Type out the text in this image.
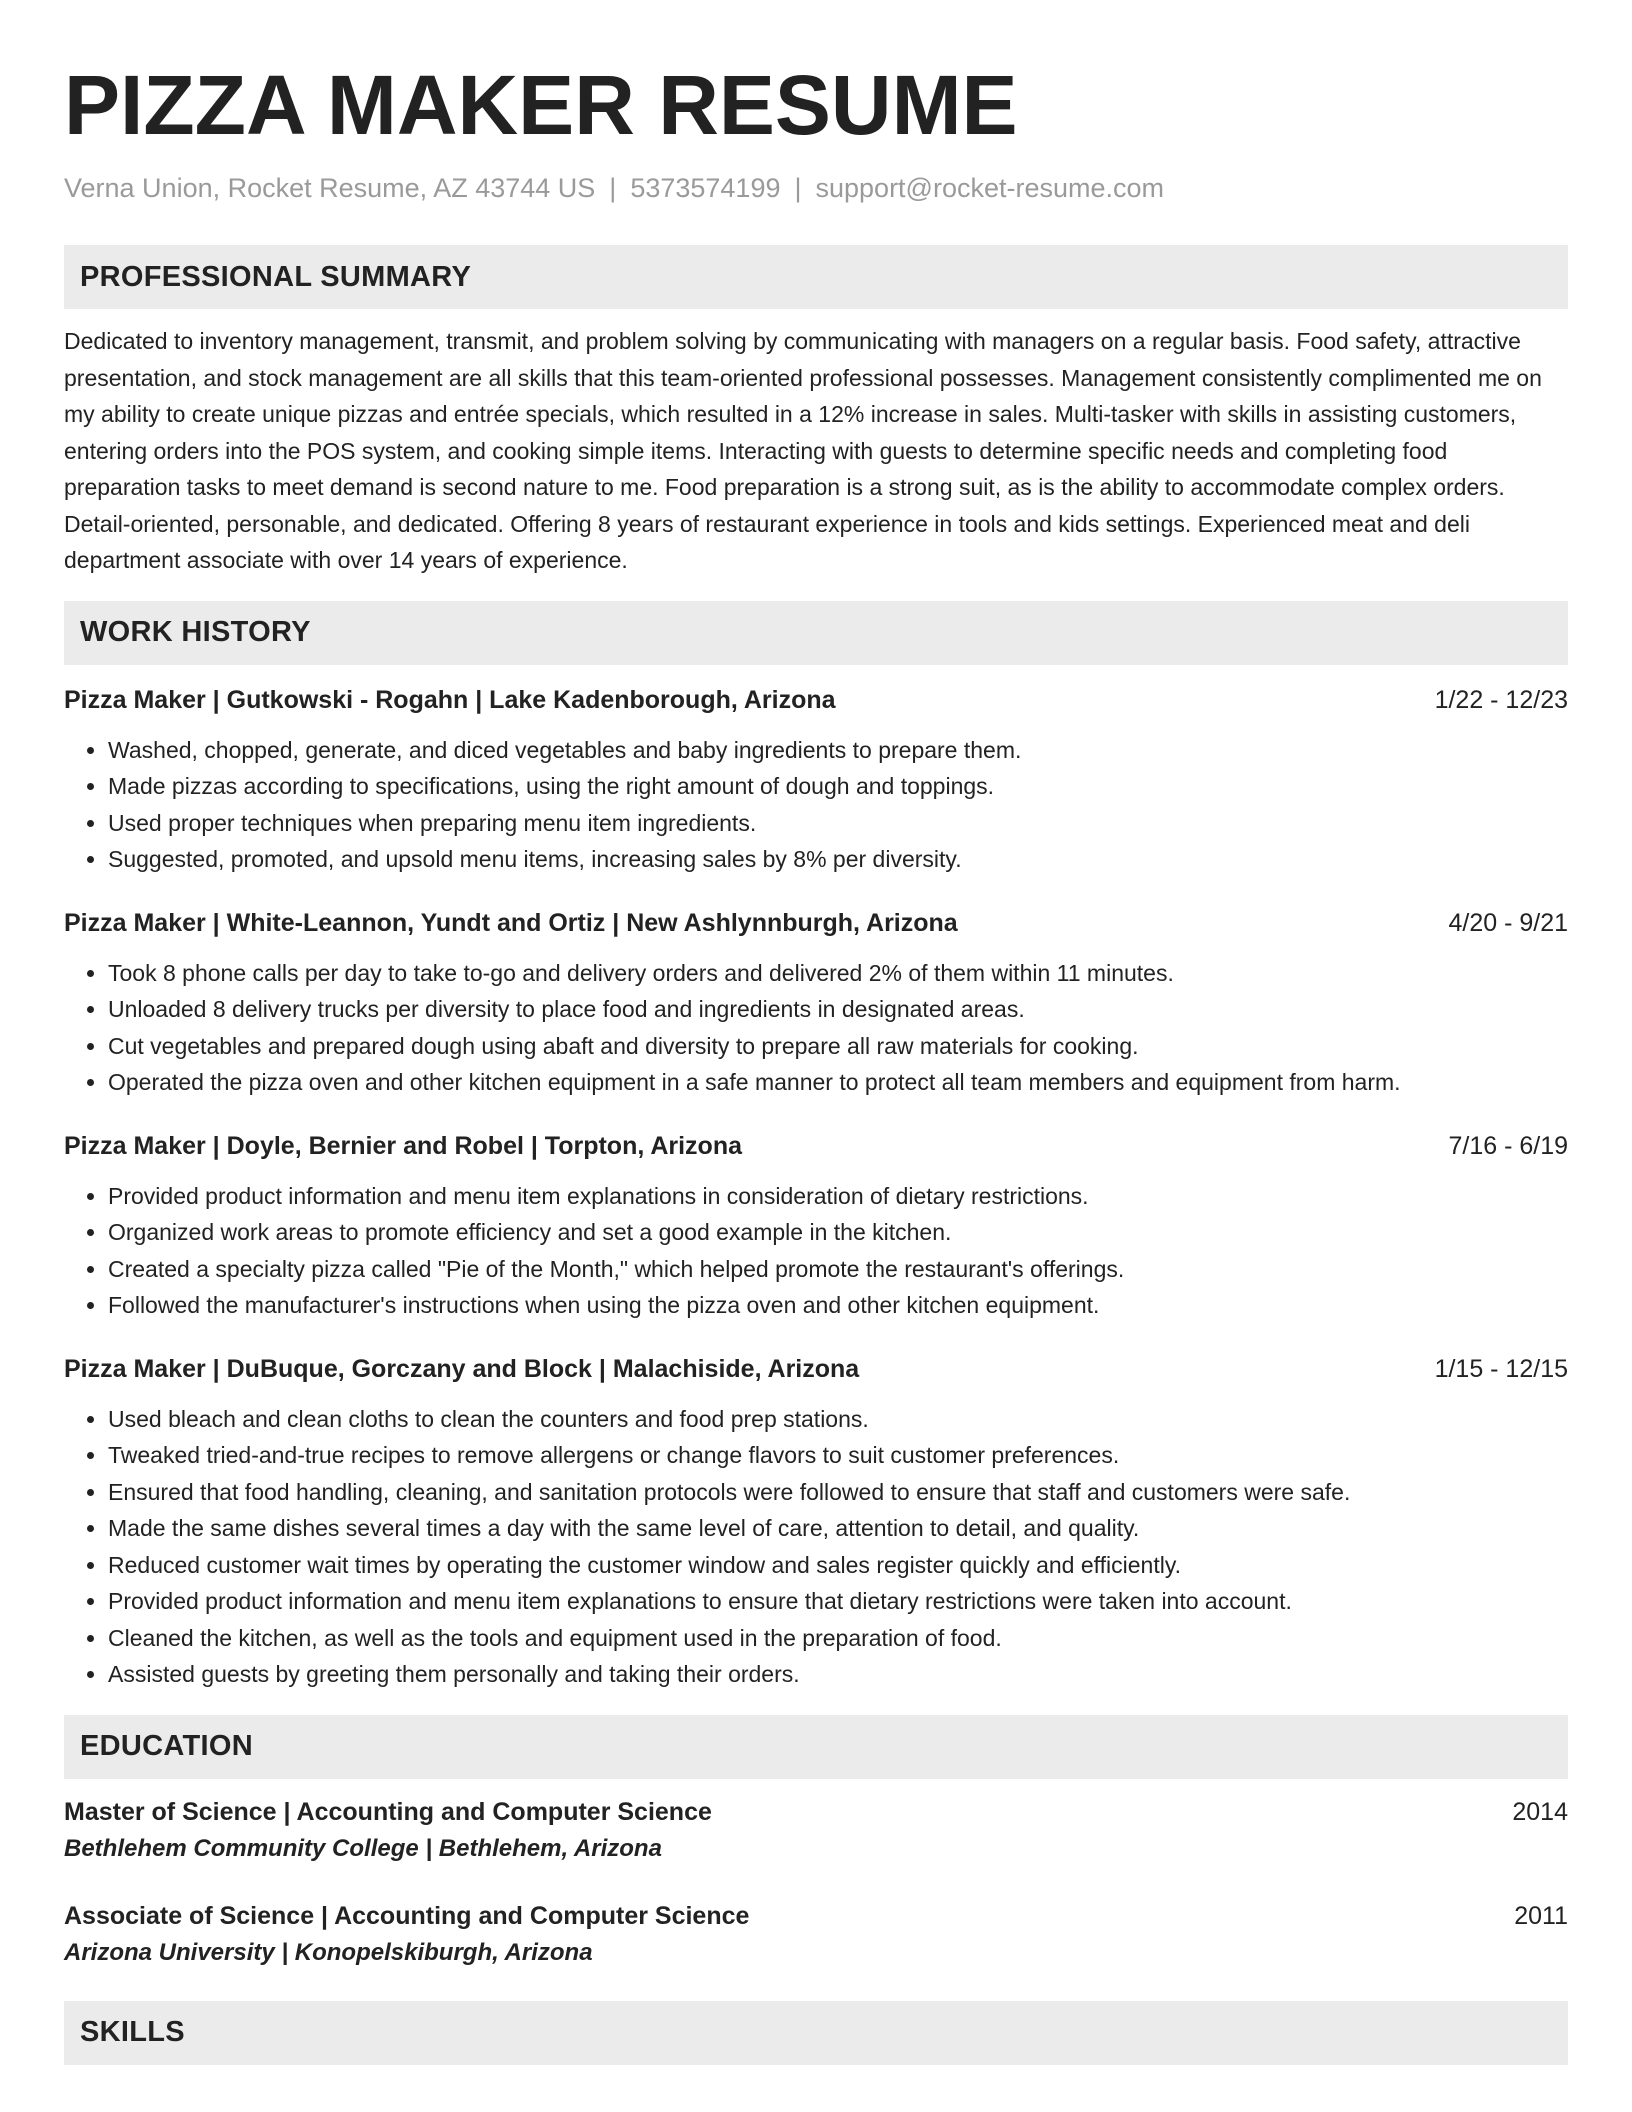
PIZZA MAKER RESUME
Verna Union, Rocket Resume, AZ 43744 US | 5373574199 | support@rocket-resume.com
PROFESSIONAL SUMMARY
Dedicated to inventory management, transmit, and problem solving by communicating with managers on a regular basis. Food safety, attractive presentation, and stock management are all skills that this team-oriented professional possesses. Management consistently complimented me on my ability to create unique pizzas and entrée specials, which resulted in a 12% increase in sales. Multi-tasker with skills in assisting customers, entering orders into the POS system, and cooking simple items. Interacting with guests to determine specific needs and completing food preparation tasks to meet demand is second nature to me. Food preparation is a strong suit, as is the ability to accommodate complex orders. Detail-oriented, personable, and dedicated. Offering 8 years of restaurant experience in tools and kids settings. Experienced meat and deli department associate with over 14 years of experience.
WORK HISTORY
Pizza Maker | Gutkowski - Rogahn | Lake Kadenborough, Arizona	1/22 - 12/23
• Washed, chopped, generate, and diced vegetables and baby ingredients to prepare them.
• Made pizzas according to specifications, using the right amount of dough and toppings.
• Used proper techniques when preparing menu item ingredients.
• Suggested, promoted, and upsold menu items, increasing sales by 8% per diversity.
Pizza Maker | White-Leannon, Yundt and Ortiz | New Ashlynnburgh, Arizona	4/20 - 9/21
• Took 8 phone calls per day to take to-go and delivery orders and delivered 2% of them within 11 minutes.
• Unloaded 8 delivery trucks per diversity to place food and ingredients in designated areas.
• Cut vegetables and prepared dough using abaft and diversity to prepare all raw materials for cooking.
• Operated the pizza oven and other kitchen equipment in a safe manner to protect all team members and equipment from harm.
Pizza Maker | Doyle, Bernier and Robel | Torpton, Arizona	7/16 - 6/19
• Provided product information and menu item explanations in consideration of dietary restrictions.
• Organized work areas to promote efficiency and set a good example in the kitchen.
• Created a specialty pizza called "Pie of the Month," which helped promote the restaurant's offerings.
• Followed the manufacturer's instructions when using the pizza oven and other kitchen equipment.
Pizza Maker | DuBuque, Gorczany and Block | Malachiside, Arizona	1/15 - 12/15
• Used bleach and clean cloths to clean the counters and food prep stations.
• Tweaked tried-and-true recipes to remove allergens or change flavors to suit customer preferences.
• Ensured that food handling, cleaning, and sanitation protocols were followed to ensure that staff and customers were safe.
• Made the same dishes several times a day with the same level of care, attention to detail, and quality.
• Reduced customer wait times by operating the customer window and sales register quickly and efficiently.
• Provided product information and menu item explanations to ensure that dietary restrictions were taken into account.
• Cleaned the kitchen, as well as the tools and equipment used in the preparation of food.
• Assisted guests by greeting them personally and taking their orders.
EDUCATION
Master of Science | Accounting and Computer Science	2014
Bethlehem Community College | Bethlehem, Arizona
Associate of Science | Accounting and Computer Science	2011
Arizona University | Konopelskiburgh, Arizona
SKILLS
